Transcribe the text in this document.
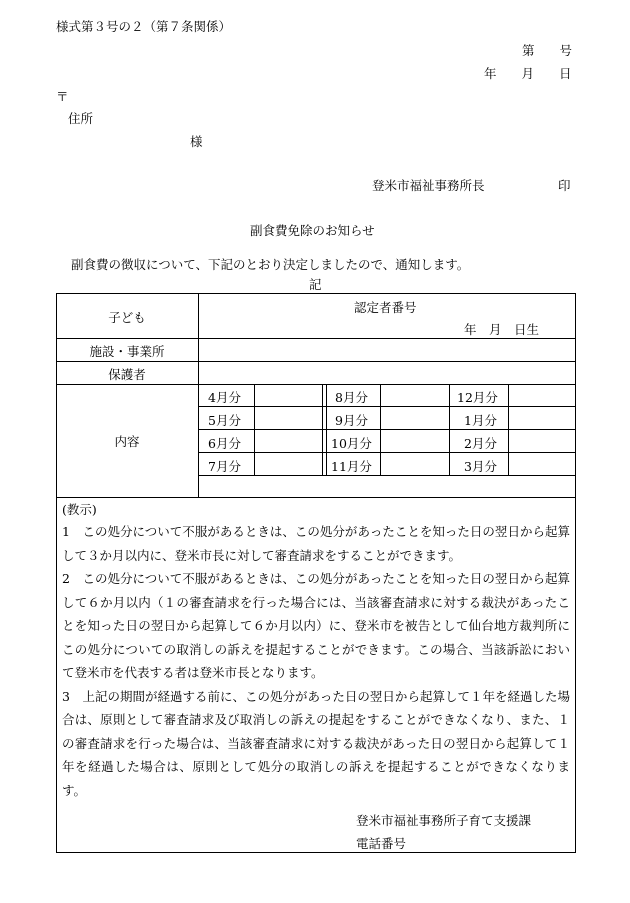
様式第３号の２（第７条関係）
第　　号
年　　月　　日
〒
住所
様
登米市福祉事務所長	印
副食費免除のお知らせ
副食費の徴収について、下記のとおり決定しましたので、通知します。
記
子ども
認定者番号
年　月　日生
施設・事業所
保護者
内容
4月分
5月分
6月分
7月分
8月分
9月分
10月分
11月分
12月分
1月分
2月分
3月分
(教示)

1　この処分について不服があるときは、この処分があったことを知った日の翌日から起算して３か月以内に、登米市長に対して審査請求をすることができます。

2　この処分について不服があるときは、この処分があったことを知った日の翌日から起算して６か月以内（１の審査請求を行った場合には、当該審査請求に対する裁決があったことを知った日の翌日から起算して６か月以内）に、登米市を被告として仙台地方裁判所にこの処分についての取消しの訴えを提起することができます。この場合、当該訴訟において登米市を代表する者は登米市長となります。

3　上記の期間が経過する前に、この処分があった日の翌日から起算して１年を経過した場合は、原則として審査請求及び取消しの訴えの提起をすることができなくなり、また、１の審査請求を行った場合は、当該審査請求に対する裁決があった日の翌日から起算して１年を経過した場合は、原則として処分の取消しの訴えを提起することができなくなります。

登米市福祉事務所子育て支援課
電話番号
